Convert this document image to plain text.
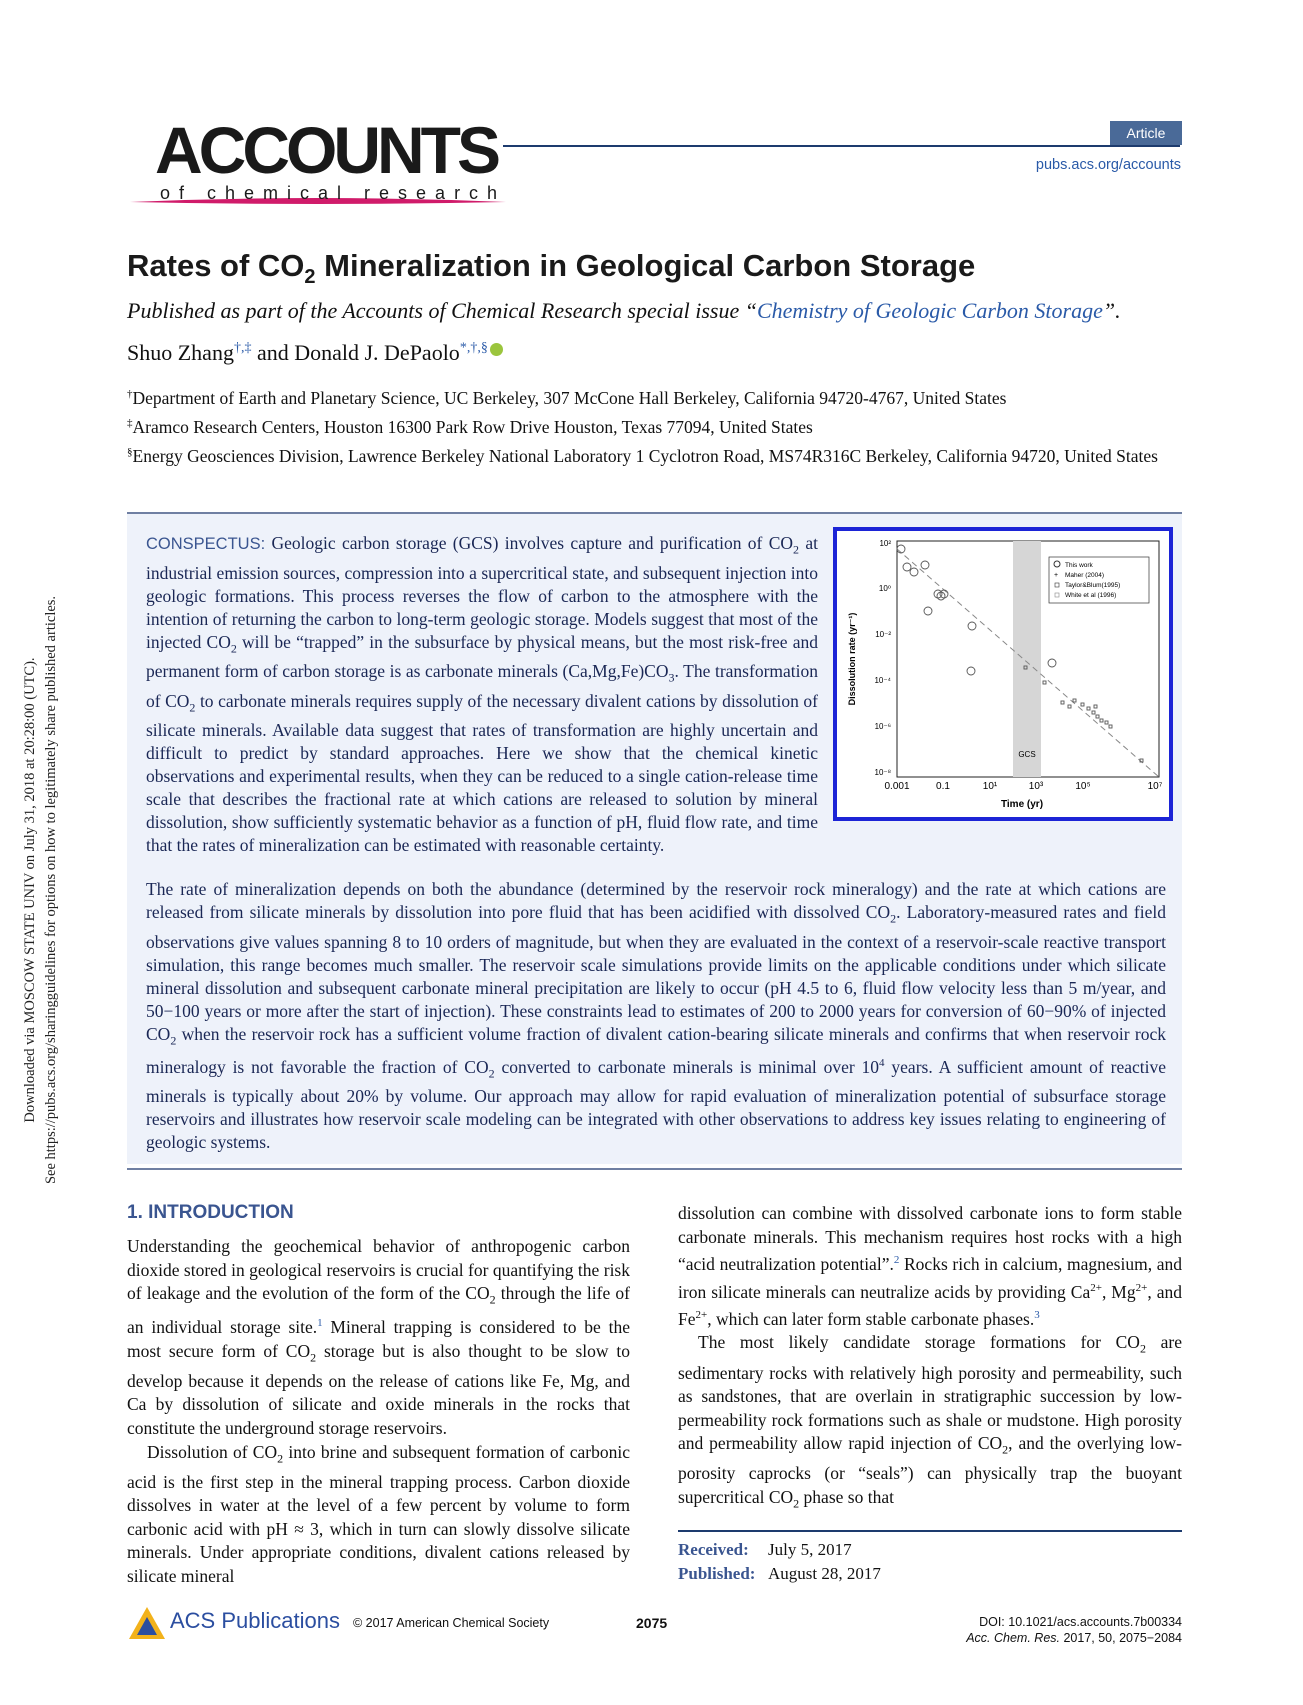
Downloaded via MOSCOW STATE UNIV on July 31, 2018 at 20:28:00 (UTC). See https://pubs.acs.org/sharingguidelines for options on how to legitimately share published articles.
ACCOUNTS
of chemical research
Article
pubs.acs.org/accounts
Rates of $CO_2$ Mineralization in Geological Carbon Storage
Published as part of the Accounts of Chemical Research special issue “Chemistry of Geologic Carbon Storage”.
Shuo Zhang†,‡ and Donald J. DePaolo*,†,§
†Department of Earth and Planetary Science, UC Berkeley, 307 McCone Hall Berkeley, California 94720-4767, United States
‡Aramco Research Centers, Houston 16300 Park Row Drive Houston, Texas 77094, United States
§Energy Geosciences Division, Lawrence Berkeley National Laboratory 1 Cyclotron Road, MS74R316C Berkeley, California 94720, United States
CONSPECTUS: Geologic carbon storage (GCS) involves capture and purification of $CO_2$ at industrial emission sources, compression into a supercritical state, and subsequent injection into geologic formations. This process reverses the flow of carbon to the atmosphere with the intention of returning the carbon to long-term geologic storage. Models suggest that most of the injected $CO_2$ will be “trapped” in the subsurface by physical means, but the most risk-free and permanent form of carbon storage is as carbonate minerals $(Ca,Mg,Fe)CO_3$. The transformation of $CO_2$ to carbonate minerals requires supply of the necessary divalent cations by dissolution of silicate minerals. Available data suggest that rates of transformation are highly uncertain and difficult to predict by standard approaches. Here we show that the chemical kinetic observations and experimental results, when they can be reduced to a single cation-release time scale that describes the fractional rate at which cations are released to solution by mineral dissolution, show sufficiently systematic behavior as a function of pH, fluid flow rate, and time that the rates of mineralization can be estimated with reasonable certainty.
The rate of mineralization depends on both the abundance (determined by the reservoir rock mineralogy) and the rate at which cations are released from silicate minerals by dissolution into pore fluid that has been acidified with dissolved $CO_2$. Laboratory-measured rates and field observations give values spanning 8 to 10 orders of magnitude, but when they are evaluated in the context of a reservoir-scale reactive transport simulation, this range becomes much smaller. The reservoir scale simulations provide limits on the applicable conditions under which silicate mineral dissolution and subsequent carbonate mineral precipitation are likely to occur (pH 4.5 to 6, fluid flow velocity less than 5 m/year, and 50−100 years or more after the start of injection). These constraints lead to estimates of 200 to 2000 years for conversion of 60−90% of injected $CO_2$ when the reservoir rock has a sufficient volume fraction of divalent cation-bearing silicate minerals and confirms that when reservoir rock mineralogy is not favorable the fraction of $CO_2$ converted to carbonate minerals is minimal over $10^4$ years. A sufficient amount of reactive minerals is typically about 20% by volume. Our approach may allow for rapid evaluation of mineralization potential of subsurface storage reservoirs and illustrates how reservoir scale modeling can be integrated with other observations to address key issues relating to engineering of geologic systems.
GCS
10²
10⁰
10⁻²
10⁻⁴
10⁻⁶
10⁻⁸
0.001	0.1	10¹	10³	10⁵	10⁷
Time (yr)
Dissolution rate (yr⁻¹)
This work
+ Maher (2004)
Taylor&Blum(1995)
White et al (1996)
1. INTRODUCTION

Understanding the geochemical behavior of anthropogenic carbon dioxide stored in geological reservoirs is crucial for quantifying the risk of leakage and the evolution of the form of the $CO_2$ through the life of an individual storage site.$^1$ Mineral trapping is considered to be the most secure form of $CO_2$ storage but is also thought to be slow to develop because it depends on the release of cations like Fe, Mg, and Ca by dissolution of silicate and oxide minerals in the rocks that constitute the underground storage reservoirs.

Dissolution of $CO_2$ into brine and subsequent formation of carbonic acid is the first step in the mineral trapping process. Carbon dioxide dissolves in water at the level of a few percent by volume to form carbonic acid with pH ≈ 3, which in turn can slowly dissolve silicate minerals. Under appropriate conditions, divalent cations released by silicate mineral

dissolution can combine with dissolved carbonate ions to form stable carbonate minerals. This mechanism requires host rocks with a high “acid neutralization potential”.$^2$ Rocks rich in calcium, magnesium, and iron silicate minerals can neutralize acids by providing $Ca^{2+}$, $Mg^{2+}$, and $Fe^{2+}$, which can later form stable carbonate phases.$^3$

The most likely candidate storage formations for $CO_2$ are sedimentary rocks with relatively high porosity and permeability, such as sandstones, that are overlain in stratigraphic succession by low-permeability rock formations such as shale or mudstone. High porosity and permeability allow rapid injection of $CO_2$, and the overlying low-porosity caprocks (or “seals”) can physically trap the buoyant supercritical $CO_2$ phase so that

Received: July 5, 2017
Published: August 28, 2017
ACS Publications © 2017 American Chemical Society	2075	DOI: 10.1021/acs.accounts.7b00334
Acc. Chem. Res. 2017, 50, 2075−2084
